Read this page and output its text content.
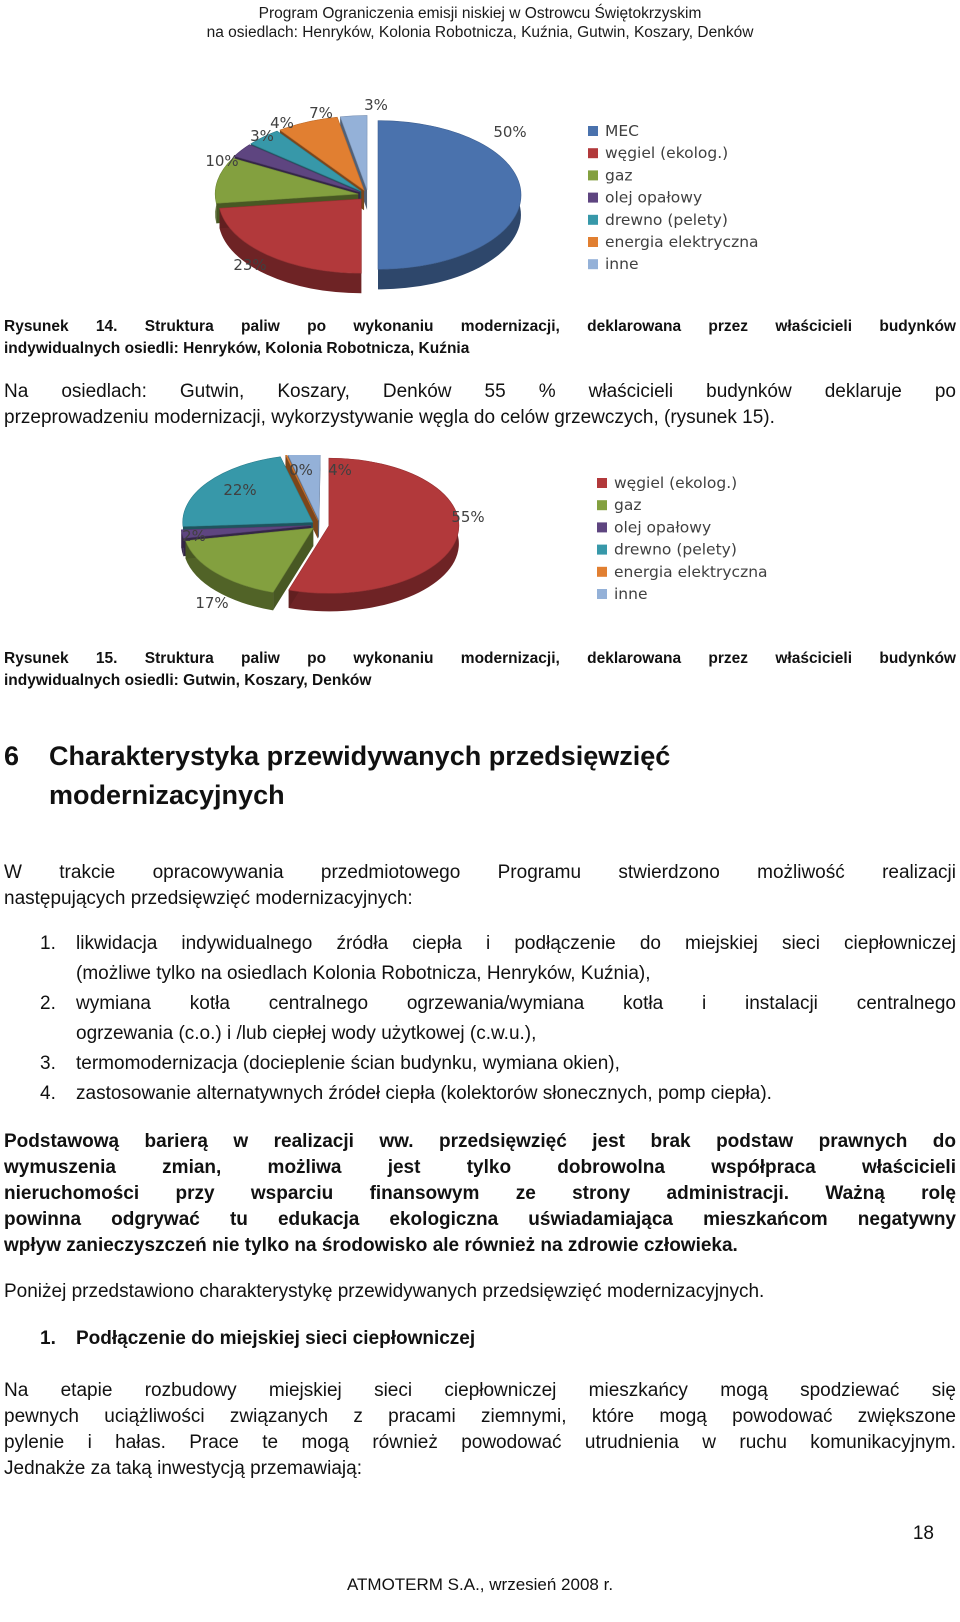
Program Ograniczenia emisji niskiej w Ostrowcu Świętokrzyskim
na osiedlach: Henryków, Kolonia Robotnicza, Kuźnia, Gutwin, Koszary, Denków
50%
23%
10%
3%
4%
7% 3%
MEC
węgiel (ekolog.)
gaz
olej opałowy
drewno (pelety)
energia elektryczna
inne
Rysunek 14. Struktura paliw po wykonaniu modernizacji, deklarowana przez właścicieli budynków
indywidualnych osiedli: Henryków, Kolonia Robotnicza, Kuźnia
Na osiedlach: Gutwin, Koszary, Denków 55 % właścicieli budynków deklaruje po
przeprowadzeniu modernizacji, wykorzystywanie węgla do celów grzewczych, (rysunek 15).
55%
17%
2%
22%
0% 4%
węgiel (ekolog.)
gaz
olej opałowy
drewno (pelety)
energia elektryczna
inne
Rysunek 15. Struktura paliw po wykonaniu modernizacji, deklarowana przez właścicieli budynków
indywidualnych osiedli: Gutwin, Koszary, Denków
6 Charakterystyka przewidywanych przedsięwzięć modernizacyjnych
W trakcie opracowywania przedmiotowego Programu stwierdzono możliwość realizacji
następujących przedsięwzięć modernizacyjnych:
1. likwidacja indywidualnego źródła ciepła i podłączenie do miejskiej sieci ciepłowniczej
(możliwe tylko na osiedlach Kolonia Robotnicza, Henryków, Kuźnia),
2. wymiana kotła centralnego ogrzewania/wymiana kotła i instalacji centralnego
ogrzewania (c.o.) i /lub ciepłej wody użytkowej (c.w.u.),
3. termomodernizacja (docieplenie ścian budynku, wymiana okien),
4. zastosowanie alternatywnych źródeł ciepła (kolektorów słonecznych, pomp ciepła).
Podstawową barierą w realizacji ww. przedsięwzięć jest brak podstaw prawnych do
wymuszenia zmian, możliwa jest tylko dobrowolna współpraca właścicieli
nieruchomości przy wsparciu finansowym ze strony administracji. Ważną rolę
powinna odgrywać tu edukacja ekologiczna uświadamiająca mieszkańcom negatywny
wpływ zanieczyszczeń nie tylko na środowisko ale również na zdrowie człowieka.
Poniżej przedstawiono charakterystykę przewidywanych przedsięwzięć modernizacyjnych.
1. Podłączenie do miejskiej sieci ciepłowniczej
Na etapie rozbudowy miejskiej sieci ciepłowniczej mieszkańcy mogą spodziewać się
pewnych uciążliwości związanych z pracami ziemnymi, które mogą powodować zwiększone
pylenie i hałas. Prace te mogą również powodować utrudnienia w ruchu komunikacyjnym.
Jednakże za taką inwestycją przemawiają:
18
ATMOTERM S.A., wrzesień 2008 r.
